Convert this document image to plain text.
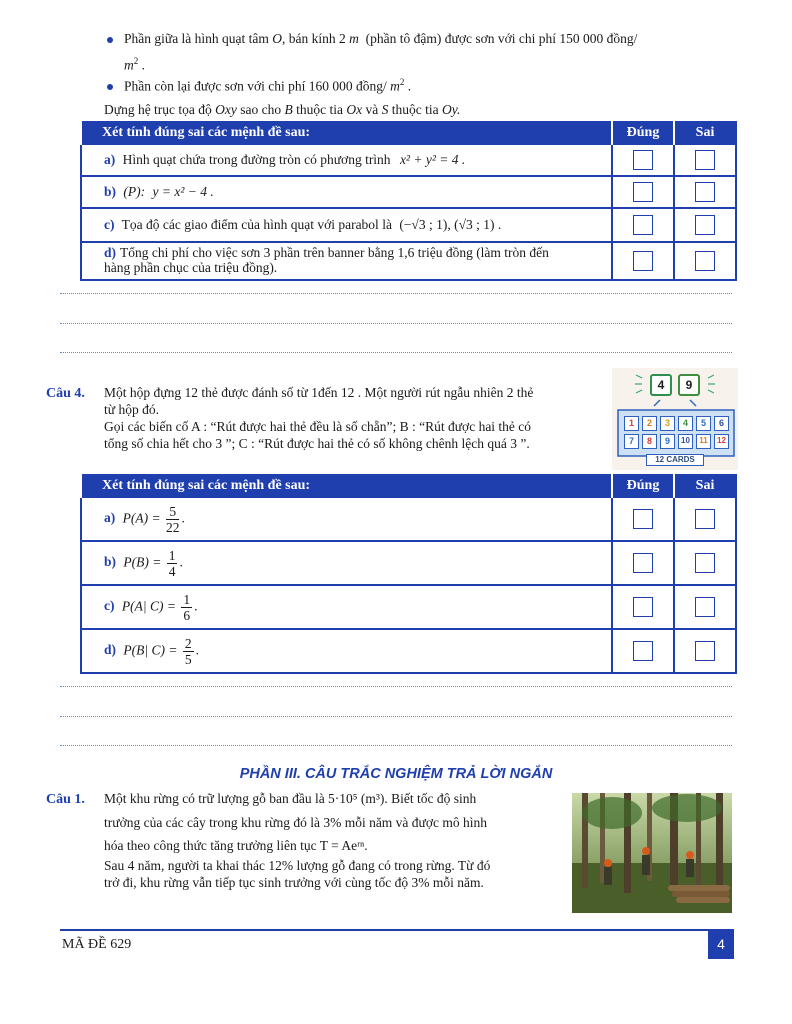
Phần giữa là hình quạt tâm O, bán kính 2 m (phần tô đậm) được sơn với chi phí 150 000 đồng/
$m^2$ .
Phần còn lại được sơn với chi phí 160 000 đồng/ $m^2$ .
Dựng hệ trục tọa độ Oxy sao cho B thuộc tia Ox và S thuộc tia Oy.
Xét tính đúng sai các mệnh đề sau:	Đúng	Sai
a) Hình quạt chứa trong đường tròn có phương trình x² + y² = 4 .		
b) (P): y = x² − 4 .		
c) Tọa độ các giao điểm của hình quạt với parabol là (−√3 ; 1), (√3 ; 1) .		
d) Tổng chi phí cho việc sơn 3 phần trên banner bằng 1,6 triệu đồng (làm tròn đến
hàng phần chục của triệu đồng).		
Câu 4. Một hộp đựng 12 thẻ được đánh số từ 1đến 12 . Một người rút ngẫu nhiên 2 thẻ
từ hộp đó.
Gọi các biến cố A : “Rút được hai thẻ đều là số chẵn”; B : “Rút được hai thẻ có
tổng số chia hết cho 3 ”; C : “Rút được hai thẻ có số không chênh lệch quá 3 ”.
4	9
1	2	3	4	5	6
7	8	9	10	11	12
12 CARDS
Xét tính đúng sai các mệnh đề sau:	Đúng	Sai
a) $P(A) = \frac{5}{22}$ .		
b) $P(B) = \frac{1}{4}$ .		
c) P(A| $C) = \frac{1}{6}$ .		
d) P(B| $C) = \frac{2}{5}$ .		
PHẦN III. CÂU TRẮC NGHIỆM TRẢ LỜI NGẮN
Câu 1. Một khu rừng có trữ lượng gỗ ban đầu là 5·10⁵ (m³). Biết tốc độ sinh
trưởng của các cây trong khu rừng đó là 3% mỗi năm và được mô hình
hóa theo công thức tăng trưởng liên tục T = Aeʳⁿ.
Sau 4 năm, người ta khai thác 12% lượng gỗ đang có trong rừng. Từ đó
trở đi, khu rừng vẫn tiếp tục sinh trưởng với cùng tốc độ 3% mỗi năm.
MÃ ĐỀ 629	4
